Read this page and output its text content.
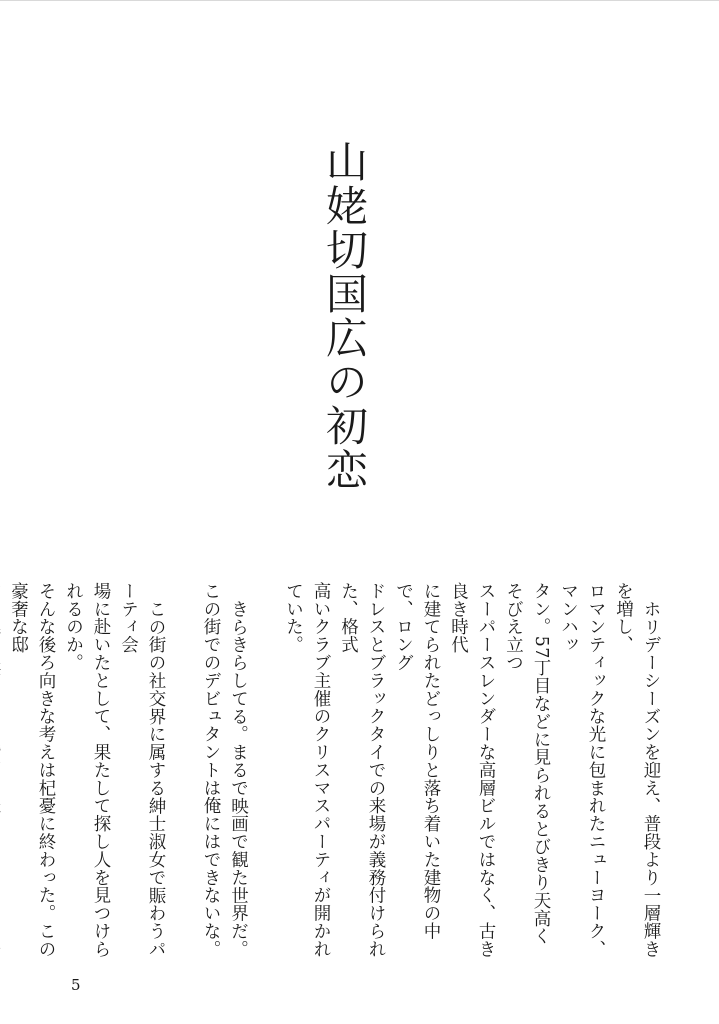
山姥切国広の初恋

ホリデーシーズンを迎え、普段より一層輝きを増し、
ロマンティックな光に包まれたニューヨーク、マンハッ
タン。57丁目などに見られるとびきり天高くそびえ立つ
スーパースレンダーな高層ビルではなく、古き良き時代
に建てられたどっしりと落ち着いた建物の中で、ロング
ドレスとブラックタイでの来場が義務付けられた、格式
高いクラブ主催のクリスマスパーティが開かれていた。

きらきらしてる。まるで映画で観た世界だ。
この街でのデビュタントは俺にはできないな。

この街の社交界に属する紳士淑女で賑わうパーティ会
場に赴いたとして、果たして探し人を見つけられるのか。
そんな後ろ向きな考えは杞憂に終わった。この豪奢な邸

5
